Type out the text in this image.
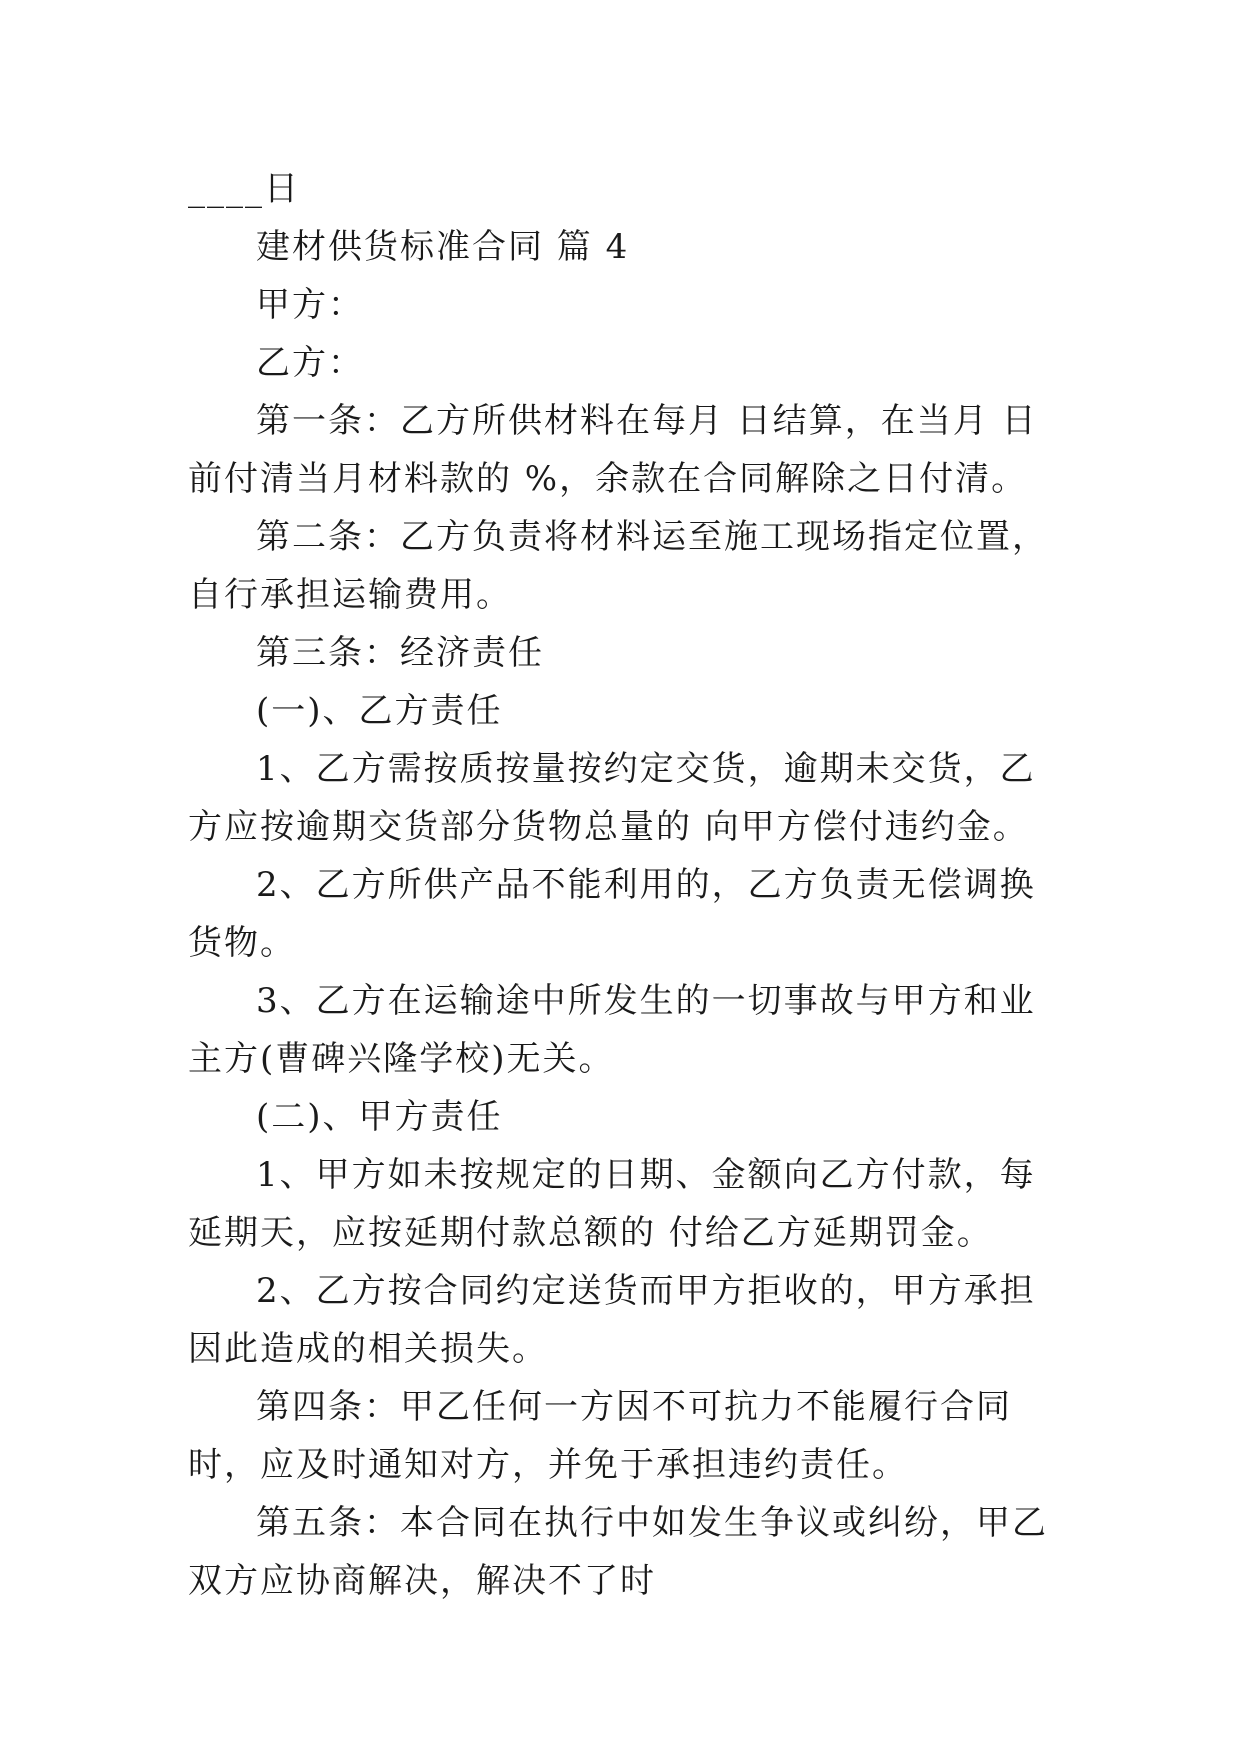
____日

建材供货标准合同 篇 4

甲方：

乙方：

第一条：乙方所供材料在每月 日结算，在当月 日前付清当月材料款的 %，余款在合同解除之日付清。

第二条：乙方负责将材料运至施工现场指定位置，自行承担运输费用。

第三条：经济责任

(一)、乙方责任

1、乙方需按质按量按约定交货，逾期未交货，乙方应按逾期交货部分货物总量的 向甲方偿付违约金。

2、乙方所供产品不能利用的，乙方负责无偿调换货物。

3、乙方在运输途中所发生的一切事故与甲方和业主方(曹碑兴隆学校)无关。

(二)、甲方责任

1、甲方如未按规定的日期、金额向乙方付款，每延期天，应按延期付款总额的 付给乙方延期罚金。

2、乙方按合同约定送货而甲方拒收的，甲方承担因此造成的相关损失。

第四条：甲乙任何一方因不可抗力不能履行合同时，应及时通知对方，并免于承担违约责任。

第五条：本合同在执行中如发生争议或纠纷，甲乙双方应协商解决，解决不了时
